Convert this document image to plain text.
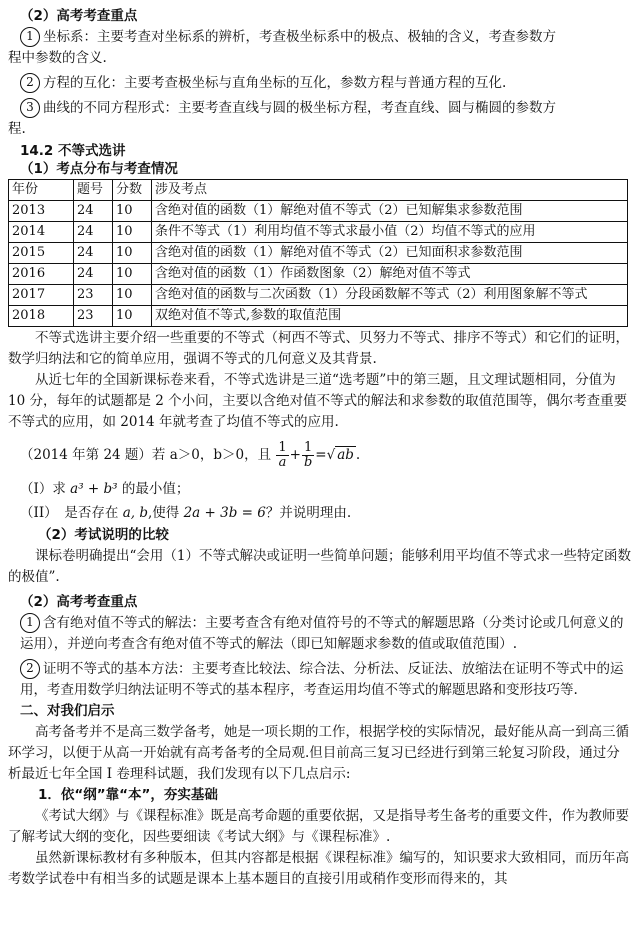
（2）高考考查重点

1 坐标系：主要考查对坐标系的辨析，考查极坐标系中的极点、极轴的含义，考查参数方

程中参数的含义.

2 方程的互化：主要考查极坐标与直角坐标的互化，参数方程与普通方程的互化.

3 曲线的不同方程形式：主要考查直线与圆的极坐标方程，考查直线、圆与椭圆的参数方

程.

14.2 不等式选讲

（1）考点分布与考查情况

年份	题号	分数	涉及考点
2013	24	10	含绝对值的函数（1）解绝对值不等式（2）已知解集求参数范围
2014	24	10	条件不等式（1）利用均值不等式求最小值（2）均值不等式的应用
2015	24	10	含绝对值的函数（1）解绝对值不等式（2）已知面积求参数范围
2016	24	10	含绝对值的函数（1）作函数图象（2）解绝对值不等式
2017	23	10	含绝对值的函数与二次函数（1）分段函数解不等式（2）利用图象解不等式
2018	23	10	双绝对值不等式,参数的取值范围

不等式选讲主要介绍一些重要的不等式（柯西不等式、贝努力不等式、排序不等式）和它们的证明，数学归纳法和它的简单应用，强调不等式的几何意义及其背景.

从近七年的全国新课标卷来看，不等式选讲是三道“选考题”中的第三题，且文理试题相同，分值为 10 分，每年的试题都是 2 个小问，主要以含绝对值不等式的解法和求参数的取值范围等，偶尔考查重要不等式的应用，如 2014 年就考查了均值不等式的应用.

（2014 年第 24 题）若 a＞0，b＞0，且 $\frac{1}{a} + \frac{1}{b}$ =√ ab .

（I）求 a³ + b³ 的最小值；

（II）　是否存在 a, b,使得 2a + 3b = 6？并说明理由.

（2）考试说明的比较

课标卷明确提出“会用（1）不等式解决或证明一些简单问题；能够利用平均值不等式求一些特定函数的极值”.

（2）高考考查重点

1 含有绝对值不等式的解法：主要考查含有绝对值符号的不等式的解题思路（分类讨论或几何意义的运用），并逆向考查含有绝对值不等式的解法（即已知解题求参数的值或取值范围）.

2 证明不等式的基本方法：主要考查比较法、综合法、分析法、反证法、放缩法在证明不等式中的运用，考查用数学归纳法证明不等式的基本程序，考查运用均值不等式的解题思路和变形技巧等.

二、对我们启示

高考备考并不是高三数学备考，她是一项长期的工作，根据学校的实际情况，最好能从高一到高三循环学习，以便于从高一开始就有高考备考的全局观.但目前高三复习已经进行到第三轮复习阶段，通过分析最近七年全国 I 卷理科试题，我们发现有以下几点启示:

1．依“纲”靠“本”，夯实基础

《考试大纲》与《课程标准》既是高考命题的重要依据，又是指导考生备考的重要文件，作为教师要了解考试大纲的变化，因些要细读《考试大纲》与《课程标准》.

虽然新课标教材有多种版本，但其内容都是根据《课程标准》编写的，知识要求大致相同，而历年高考数学试卷中有相当多的试题是课本上基本题目的直接引用或稍作变形而得来的，其
